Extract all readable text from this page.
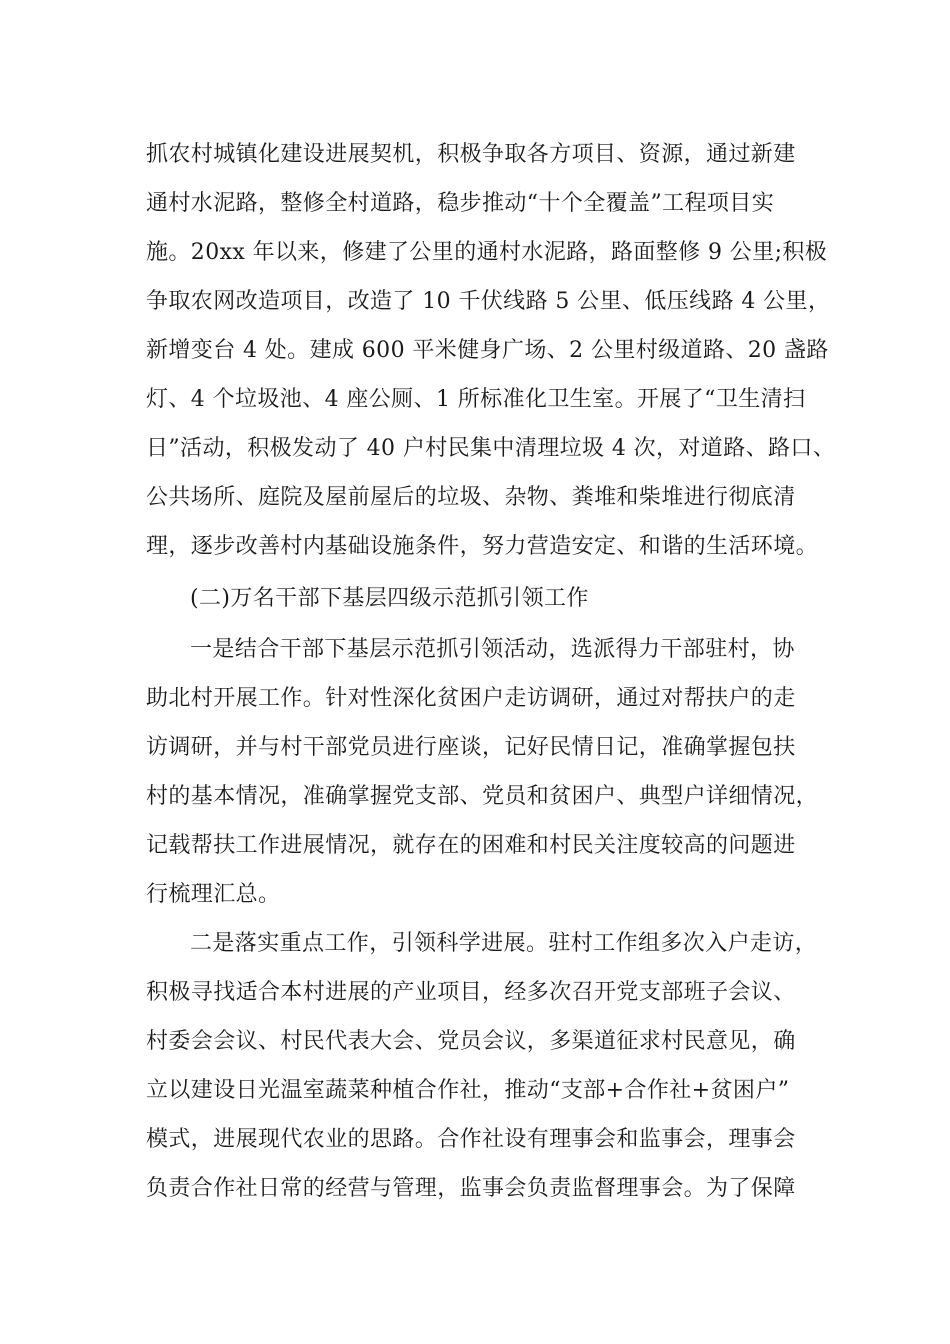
抓农村城镇化建设进展契机，积极争取各方项目、资源，通过新建
通村水泥路，整修全村道路，稳步推动“十个全覆盖”工程项目实
施。20xx 年以来，修建了公里的通村水泥路，路面整修 9 公里;积极
争取农网改造项目，改造了 10 千伏线路 5 公里、低压线路 4 公里，
新增变台 4 处。建成 600 平米健身广场、2 公里村级道路、20 盏路
灯、4 个垃圾池、4 座公厕、1 所标准化卫生室。开展了“卫生清扫
日”活动，积极发动了 40 户村民集中清理垃圾 4 次，对道路、路口、
公共场所、庭院及屋前屋后的垃圾、杂物、粪堆和柴堆进行彻底清
理，逐步改善村内基础设施条件，努力营造安定、和谐的生活环境。
(二)万名干部下基层四级示范抓引领工作
一是结合干部下基层示范抓引领活动，选派得力干部驻村，协
助北村开展工作。针对性深化贫困户走访调研，通过对帮扶户的走
访调研，并与村干部党员进行座谈，记好民情日记，准确掌握包扶
村的基本情况，准确掌握党支部、党员和贫困户、典型户详细情况，
记载帮扶工作进展情况，就存在的困难和村民关注度较高的问题进
行梳理汇总。
二是落实重点工作，引领科学进展。驻村工作组多次入户走访，
积极寻找适合本村进展的产业项目，经多次召开党支部班子会议、
村委会会议、村民代表大会、党员会议，多渠道征求村民意见，确
立以建设日光温室蔬菜种植合作社，推动“支部+合作社+贫困户”
模式，进展现代农业的思路。合作社设有理事会和监事会，理事会
负责合作社日常的经营与管理，监事会负责监督理事会。为了保障
